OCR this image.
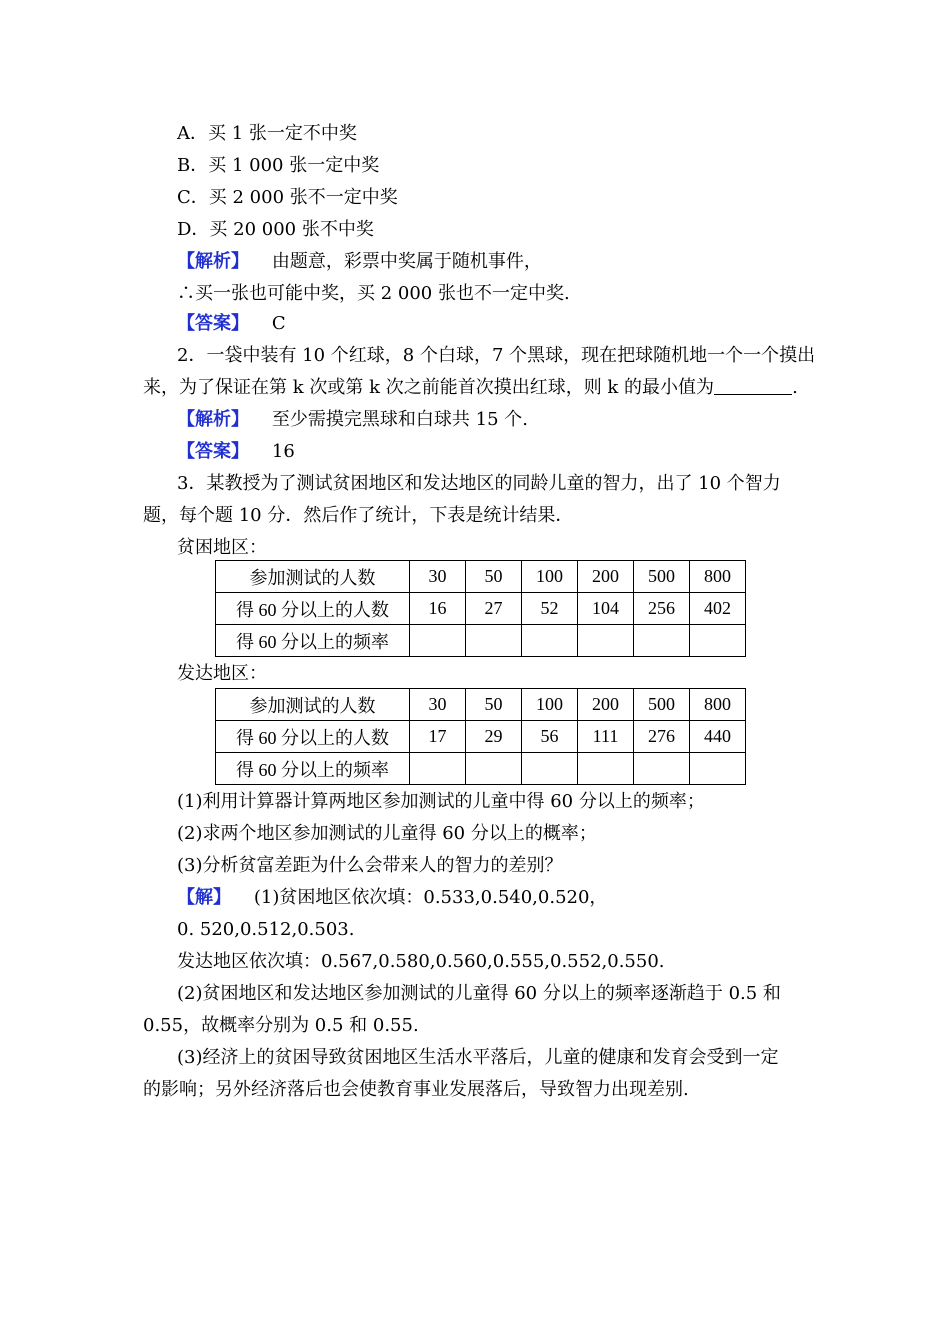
A．买 1 张一定不中奖
B．买 1 000 张一定中奖
C．买 2 000 张不一定中奖
D．买 20 000 张不中奖
【解析】 由题意，彩票中奖属于随机事件，
∴买一张也可能中奖，买 2 000 张也不一定中奖.
【答案】 C
2．一袋中装有 10 个红球，8 个白球，7 个黑球，现在把球随机地一个一个摸出
来，为了保证在第 k 次或第 k 次之前能首次摸出红球，则 k 的最小值为	.
【解析】 至少需摸完黑球和白球共 15 个.
【答案】 16
3．某教授为了测试贫困地区和发达地区的同龄儿童的智力，出了 10 个智力
题，每个题 10 分．然后作了统计，下表是统计结果．
贫困地区：
参加测试的人数	30	50	100	200	500	800
得 60 分以上的人数	16	27	52	104	256	402
得 60 分以上的频率						
发达地区：
参加测试的人数	30	50	100	200	500	800
得 60 分以上的人数	17	29	56	111	276	440
得 60 分以上的频率						
(1)利用计算器计算两地区参加测试的儿童中得 60 分以上的频率；
(2)求两个地区参加测试的儿童得 60 分以上的概率；
(3)分析贫富差距为什么会带来人的智力的差别？
【解】 (1)贫困地区依次填：0.533,0.540,0.520，
0. 520,0.512,0.503.
发达地区依次填：0.567,0.580,0.560,0.555,0.552,0.550.
(2)贫困地区和发达地区参加测试的儿童得 60 分以上的频率逐渐趋于 0.5 和
0.55，故概率分别为 0.5 和 0.55.
(3)经济上的贫困导致贫困地区生活水平落后，儿童的健康和发育会受到一定
的影响；另外经济落后也会使教育事业发展落后，导致智力出现差别.
